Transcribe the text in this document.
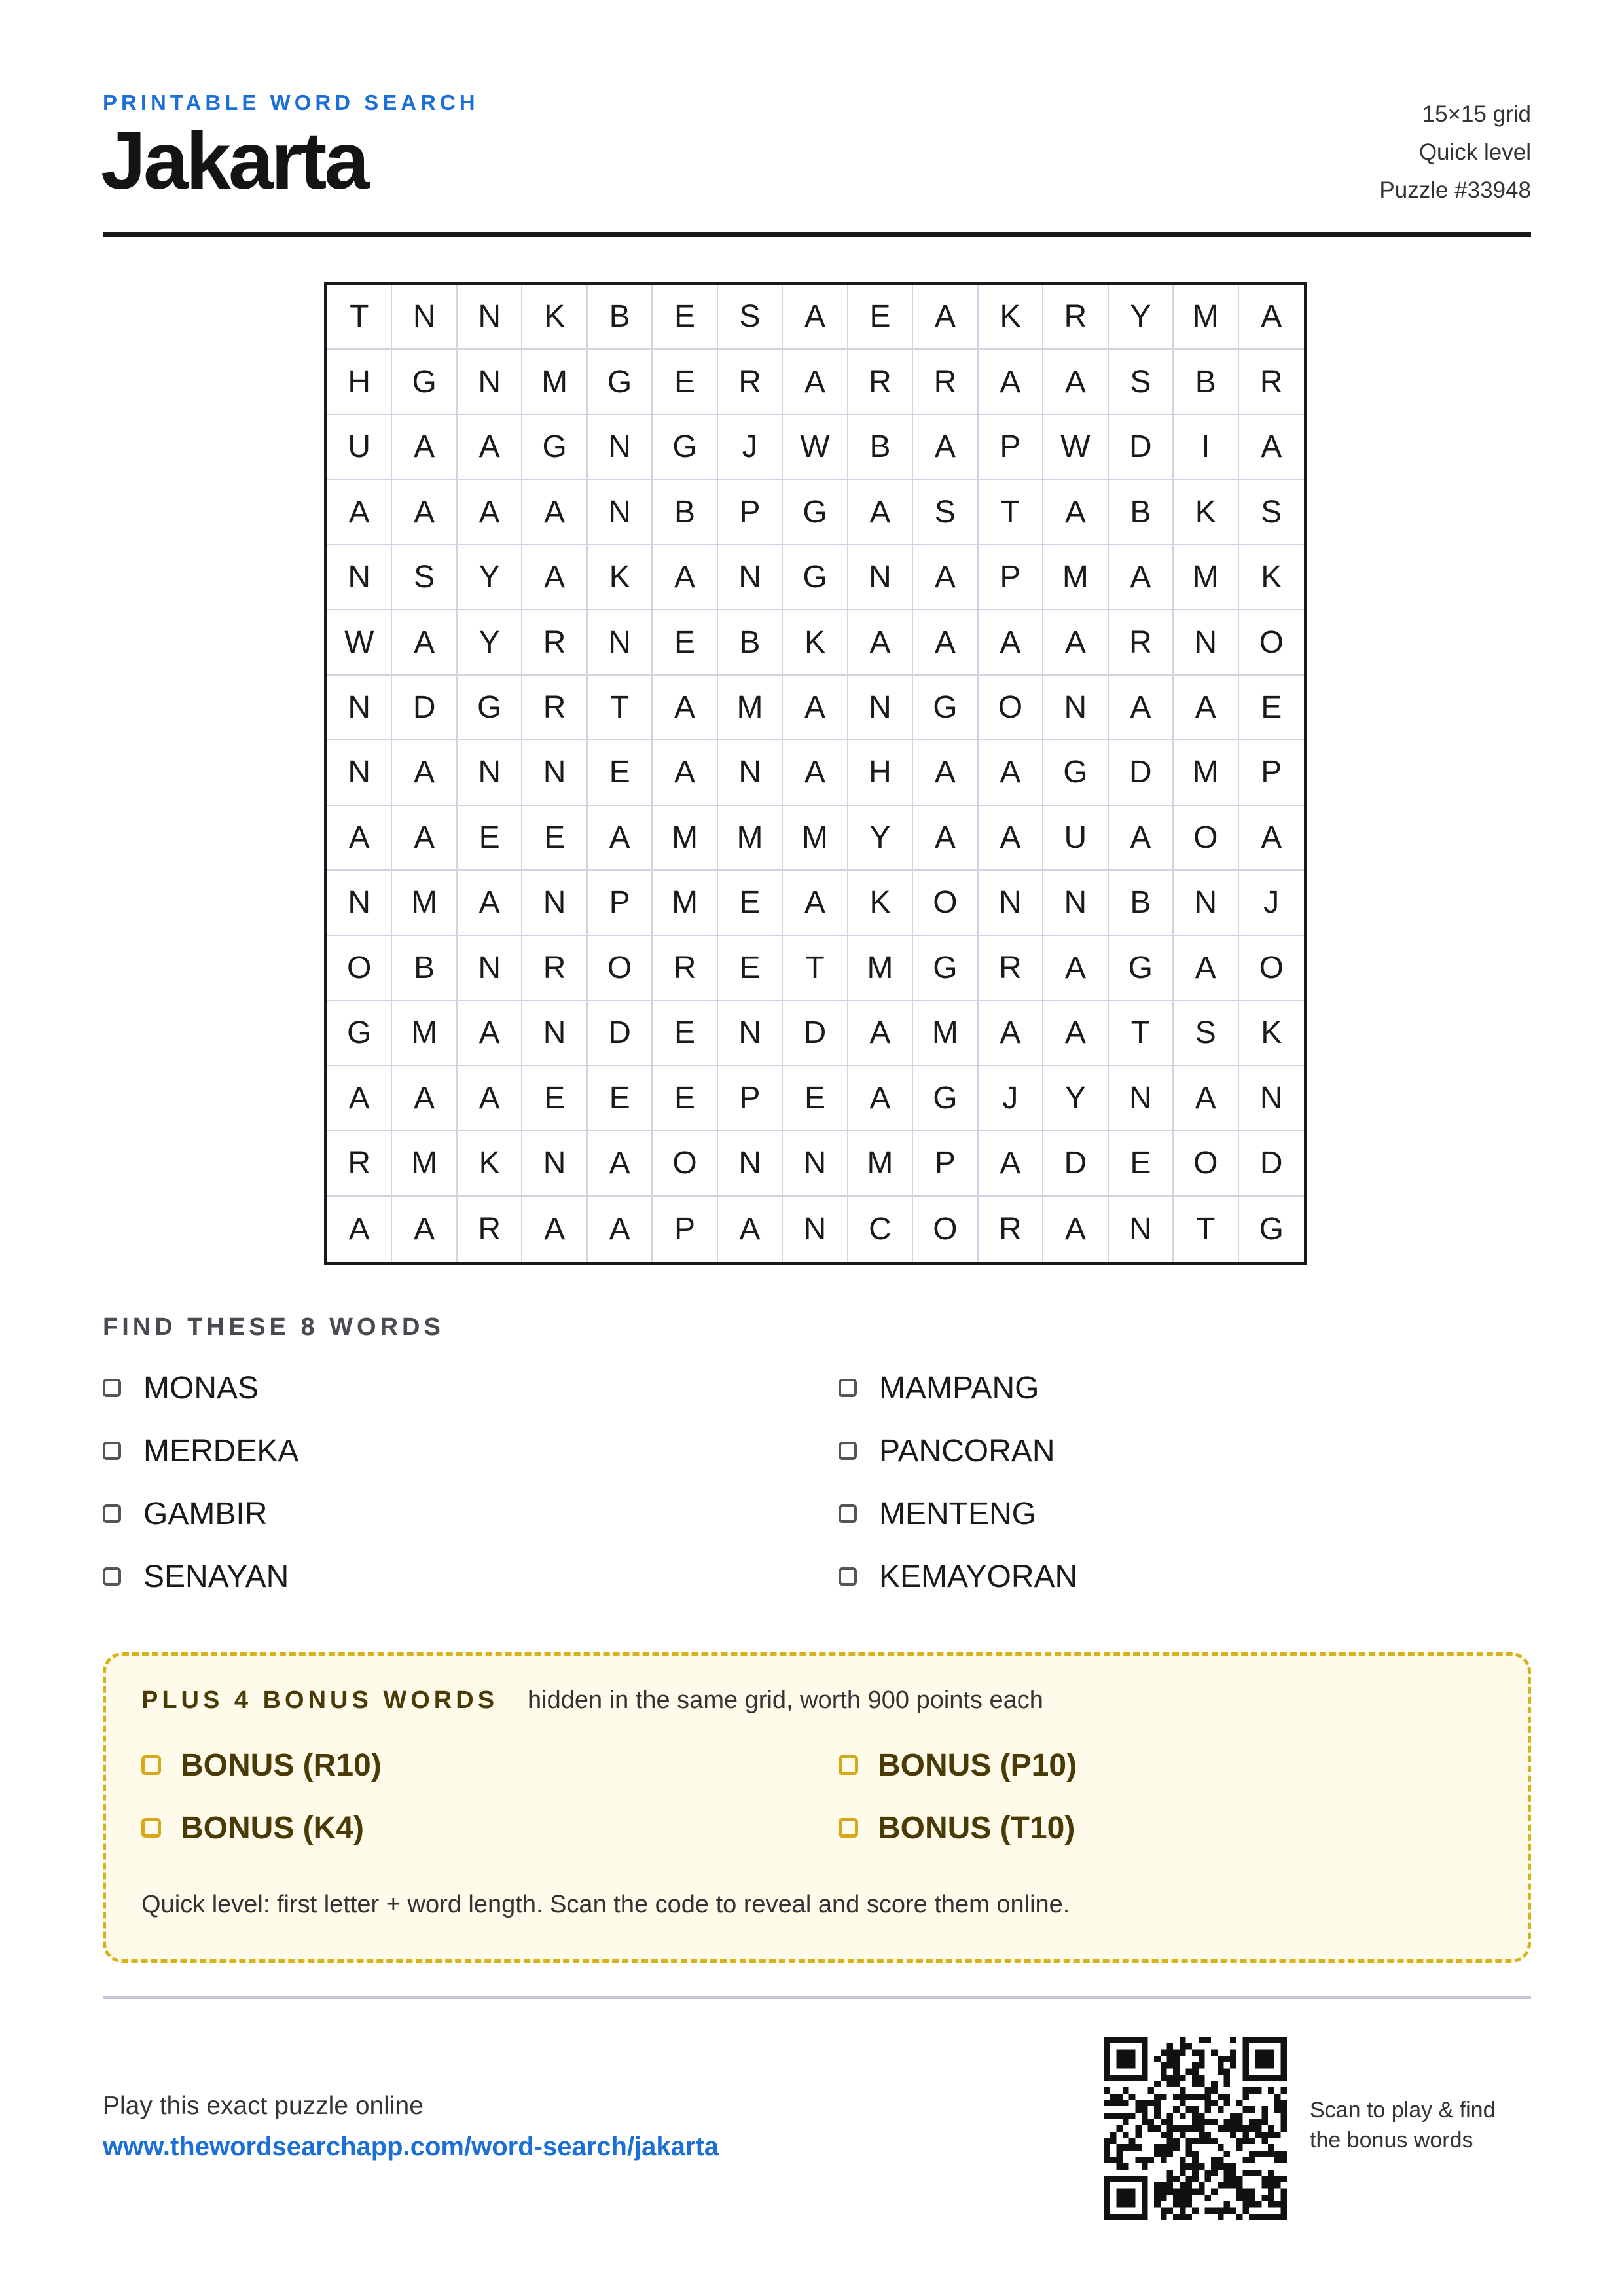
PRINTABLE WORD SEARCH
Jakarta
15×15 grid
Quick level
Puzzle #33948
T	N	N	K	B	E	S	A	E	A	K	R	Y	M	A
H	G	N	M	G	E	R	A	R	R	A	A	S	B	R
U	A	A	G	N	G	J	W	B	A	P	W	D	I	A
A	A	A	A	N	B	P	G	A	S	T	A	B	K	S
N	S	Y	A	K	A	N	G	N	A	P	M	A	M	K
W	A	Y	R	N	E	B	K	A	A	A	A	R	N	O
N	D	G	R	T	A	M	A	N	G	O	N	A	A	E
N	A	N	N	E	A	N	A	H	A	A	G	D	M	P
A	A	E	E	A	M	M	M	Y	A	A	U	A	O	A
N	M	A	N	P	M	E	A	K	O	N	N	B	N	J
O	B	N	R	O	R	E	T	M	G	R	A	G	A	O
G	M	A	N	D	E	N	D	A	M	A	A	T	S	K
A	A	A	E	E	E	P	E	A	G	J	Y	N	A	N
R	M	K	N	A	O	N	N	M	P	A	D	E	O	D
A	A	R	A	A	P	A	N	C	O	R	A	N	T	G
FIND THESE 8 WORDS
MONAS	MAMPANG
MERDEKA	PANCORAN
GAMBIR	MENTENG
SENAYAN	KEMAYORAN
PLUS 4 BONUS WORDS hidden in the same grid, worth 900 points each
BONUS (R10)	BONUS (P10)
BONUS (K4)	BONUS (T10)
Quick level: first letter + word length. Scan the code to reveal and score them online.
Play this exact puzzle online
www.thewordsearchapp.com/word-search/jakarta
Scan to play & find
the bonus words
